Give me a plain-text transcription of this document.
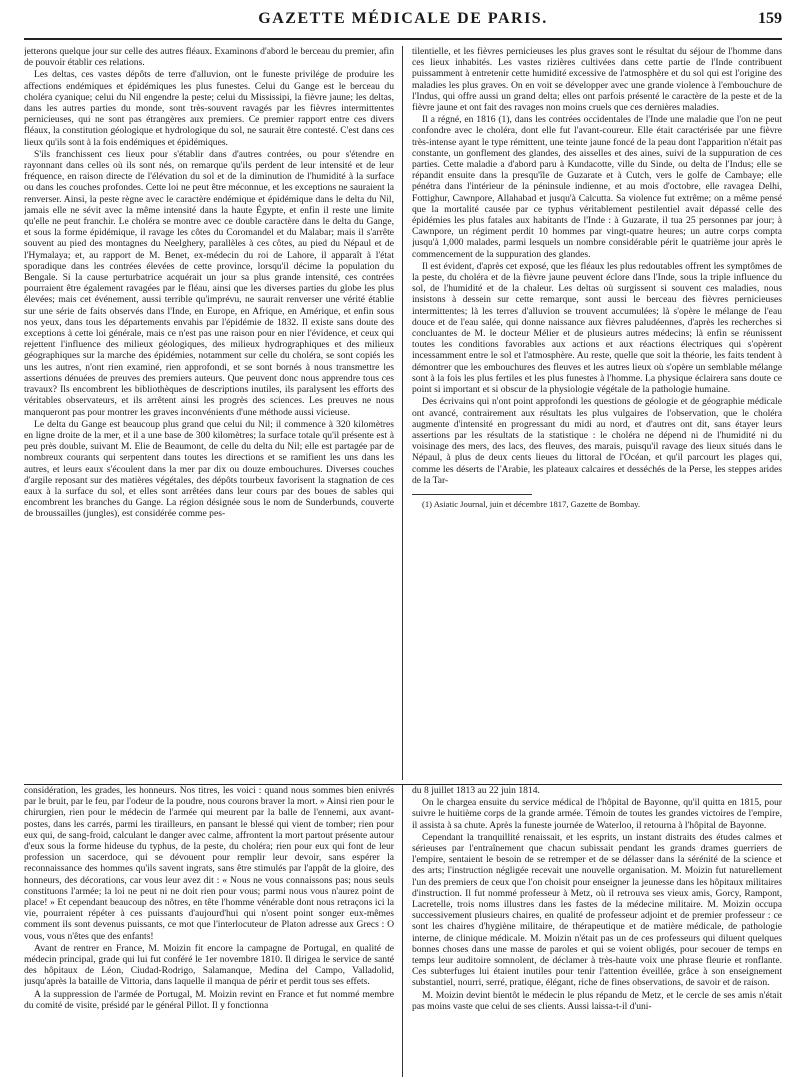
GAZETTE MÉDICALE DE PARIS.	159

jetterons quelque jour sur celle des autres fléaux. Examinons d'abord le berceau du premier, afin de pouvoir établir ces relations.

Les deltas, ces vastes dépôts de terre d'alluvion, ont le funeste privilége de produire les affections endémiques et épidémiques les plus funestes. Celui du Gange est le berceau du choléra cyanique; celui du Nil engendre la peste; celui du Mississipi, la fièvre jaune; les deltas, dans les autres parties du monde, sont très-souvent ravagés par les fièvres intermittentes pernicieuses, qui ne sont pas étrangères aux premiers. Ce premier rapport entre ces divers fléaux, la constitution géologique et hydrologique du sol, ne saurait être contesté. C'est dans ces lieux qu'ils sont à la fois endémiques et épidémiques.

S'ils franchissent ces lieux pour s'établir dans d'autres contrées, ou pour s'étendre en rayonnant dans celles où ils sont nés, on remarque qu'ils perdent de leur intensité et de leur fréquence, en raison directe de l'élévation du sol et de la diminution de l'humidité à la surface ou dans les couches profondes. Cette loi ne peut être méconnue, et les exceptions ne sauraient la renverser. Ainsi, la peste règne avec le caractère endémique et épidémique dans le delta du Nil, jamais elle ne sévit avec la même intensité dans la haute Égypte, et enfin il reste une limite qu'elle ne peut franchir. Le choléra se montre avec ce double caractère dans le delta du Gange, et sous la forme épidémique, il ravage les côtes du Coromandel et du Malabar; mais il s'arrête souvent au pied des montagnes du Neelghery, parallèles à ces côtes, au pied du Népaul et de l'Hymalaya; et, au rapport de M. Benet, ex-médecin du roi de Lahore, il apparaît à l'état sporadique dans les contrées élevées de cette province, lorsqu'il décime la population du Bengale. Si la cause perturbatrice acquérait un jour sa plus grande intensité, ces contrées pourraient être également ravagées par le fléau, ainsi que les diverses parties du globe les plus élevées; mais cet événement, aussi terrible qu'imprévu, ne saurait renverser une vérité établie sur une série de faits observés dans l'Inde, en Europe, en Afrique, en Amérique, et enfin sous nos yeux, dans tous les départements envahis par l'épidémie de 1832. Il existe sans doute des exceptions à cette loi générale, mais ce n'est pas une raison pour en nier l'évidence, et ceux qui rejettent l'influence des milieux géologiques, des milieux hydrographiques et des milieux géographiques sur la marche des épidémies, notamment sur celle du choléra, se sont copiés les uns les autres, n'ont rien examiné, rien approfondi, et se sont bornés à nous transmettre les assertions dénuées de preuves des premiers auteurs. Que peuvent donc nous apprendre tous ces travaux? Ils encombrent les bibliothèques de descriptions inutiles, ils paralysent les efforts des véritables observateurs, et ils arrêtent ainsi les progrès des sciences. Les preuves ne nous manqueront pas pour montrer les graves inconvénients d'une méthode aussi vicieuse.

Le delta du Gange est beaucoup plus grand que celui du Nil; il commence à 320 kilomètres en ligne droite de la mer, et il a une base de 300 kilomètres; la surface totale qu'il présente est à peu près double, suivant M. Elie de Beaumont, de celle du delta du Nil; elle est partagée par de nombreux courants qui serpentent dans toutes les directions et se ramifient les uns dans les autres, et leurs eaux s'écoulent dans la mer par dix ou douze embouchures. Diverses couches d'argile reposant sur des matières végétales, des dépôts tourbeux favorisent la stagnation de ces eaux à la surface du sol, et elles sont arrêtées dans leur cours par des boues de sables qui encombrent les branches du Gange. La région désignée sous le nom de Sunderbunds, couverte de broussailles (jungles), est considérée comme pes-

tilentielle, et les fièvres pernicieuses les plus graves sont le résultat du séjour de l'homme dans ces lieux inhabités. Les vastes rizières cultivées dans cette partie de l'Inde contribuent puissamment à entretenir cette humidité excessive de l'atmosphère et du sol qui est l'origine des maladies les plus graves. On en voit se développer avec une grande violence à l'embouchure de l'Indus, qui offre aussi un grand delta; elles ont parfois présenté le caractère de la peste et de la fièvre jaune et ont fait des ravages non moins cruels que ces dernières maladies.

Il a régné, en 1816 (1), dans les contrées occidentales de l'Inde une maladie que l'on ne peut confondre avec le choléra, dont elle fut l'avant-coureur. Elle était caractérisée par une fièvre très-intense ayant le type rémittent, une teinte jaune foncé de la peau dont l'apparition n'était pas constante, un gonflement des glandes, des aisselles et des aines, suivi de la suppuration de ces parties. Cette maladie a d'abord paru à Kundacotte, ville du Sinde, ou delta de l'Indus; elle se répandit ensuite dans la presqu'île de Guzarate et à Cutch, vers le golfe de Cambaye; elle pénétra dans l'intérieur de la péninsule indienne, et au mois d'octobre, elle ravagea Delhi, Fottighur, Cawnpore, Allahabad et jusqu'à Calcutta. Sa violence fut extrême; on a même pensé que la mortalité causée par ce typhus véritablement pestilentiel avait dépassé celle des épidémies les plus fatales aux habitants de l'Inde : à Guzarate, il tua 25 personnes par jour; à Cawnpore, un régiment perdit 10 hommes par vingt-quatre heures; un autre corps compta jusqu'à 1,000 malades, parmi lesquels un nombre considérable périt le quatrième jour après le commencement de la suppuration des glandes.

Il est évident, d'après cet exposé, que les fléaux les plus redoutables offrent les symptômes de la peste, du choléra et de la fièvre jaune peuvent éclore dans l'Inde, sous la triple influence du sol, de l'humidité et de la chaleur. Les deltas où surgissent si souvent ces maladies, nous insistons à dessein sur cette remarque, sont aussi le berceau des fièvres pernicieuses intermittentes; là les terres d'alluvion se trouvent accumulées; là s'opère le mélange de l'eau douce et de l'eau salée, qui donne naissance aux fièvres paludéennes, d'après les recherches si concluantes de M. le docteur Mélier et de plusieurs autres médecins; là enfin se réunissent toutes les conditions favorables aux actions et aux réactions électriques qui s'opèrent incessamment entre le sol et l'atmosphère. Au reste, quelle que soit la théorie, les faits tendent à démontrer que les embouchures des fleuves et les autres lieux où s'opère un semblable mélange sont à la fois les plus fertiles et les plus funestes à l'homme. La physique éclairera sans doute ce point si important et si obscur de la physiologie végétale de la pathologie humaine.

Des écrivains qui n'ont point approfondi les questions de géologie et de géographie médicale ont avancé, contrairement aux résultats les plus vulgaires de l'observation, que le choléra augmente d'intensité en progressant du midi au nord, et d'autres ont dit, sans étayer leurs assertions par les résultats de la statistique : le choléra ne dépend ni de l'humidité ni du voisinage des mers, des lacs, des fleuves, des marais, puisqu'il ravage des lieux situés dans le Népaul, à plus de deux cents lieues du littoral de l'Océan, et qu'il parcourt les plages qui, comme les déserts de l'Arabie, les plateaux calcaires et desséchés de la Perse, les steppes arides de la Tar-

(1) Asiatic Journal, juin et décembre 1817, Gazette de Bombay.

considération, les grades, les honneurs. Nos titres, les voici : quand nous sommes bien enivrés par le bruit, par le feu, par l'odeur de la poudre, nous courons braver la mort. » Ainsi rien pour le chirurgien, rien pour le médecin de l'armée qui meurent par la balle de l'ennemi, aux avant-postes, dans les carrés, parmi les tirailleurs, en pansant le blessé qui vient de tomber; rien pour eux qui, de sang-froid, calculant le danger avec calme, affrontent la mort partout présente autour d'eux sous la forme hideuse du typhus, de la peste, du choléra; rien pour eux qui font de leur profession un sacerdoce, qui se dévouent pour remplir leur devoir, sans espérer la reconnaissance des hommes qu'ils savent ingrats, sans être stimulés par l'appât de la gloire, des honneurs, des décorations, car vous leur avez dit : « Nous ne vous connaissons pas; nous seuls constituons l'armée; la loi ne peut ni ne doit rien pour vous; parmi nous vous n'aurez point de place! » Et cependant beaucoup des nôtres, en tête l'homme vénérable dont nous retraçons ici la vie, pourraient répéter à ces puissants d'aujourd'hui qui n'osent point songer eux-mêmes comment ils sont devenus puissants, ce mot que l'interlocuteur de Platon adresse aux Grecs : O vous, vous n'êtes que des enfants!

Avant de rentrer en France, M. Moizin fit encore la campagne de Portugal, en qualité de médecin principal, grade qui lui fut conféré le 1er novembre 1810. Il dirigea le service de santé des hôpitaux de Léon, Ciudad-Rodrigo, Salamanque, Medina del Campo, Valladolid, jusqu'après la bataille de Vittoria, dans laquelle il manqua de périr et perdit tous ses effets.

A la suppression de l'armée de Portugal, M. Moizin revint en France et fut nommé membre du comité de visite, présidé par le général Pillot. Il y fonctionna

du 8 juillet 1813 au 22 juin 1814.

On le chargea ensuite du service médical de l'hôpital de Bayonne, qu'il quitta en 1815, pour suivre le huitième corps de la grande armée. Témoin de toutes les grandes victoires de l'empire, il assista à sa chute. Après la funeste journée de Waterloo, il retourna à l'hôpital de Bayonne.

Cependant la tranquillité renaissait, et les esprits, un instant distraits des études calmes et sérieuses par l'entraînement que chacun subissait pendant les grands drames guerriers de l'empire, sentaient le besoin de se retremper et de se délasser dans la sérénité de la science et des arts; l'instruction négligée recevait une nouvelle organisation. M. Moizin fut naturellement l'un des premiers de ceux que l'on choisit pour enseigner la jeunesse dans les hôpitaux militaires d'instruction. Il fut nommé professeur à Metz, où il retrouva ses vieux amis, Gorcy, Rampont, Lacretelle, trois noms illustres dans les fastes de la médecine militaire. M. Moizin occupa successivement plusieurs chaires, en qualité de professeur adjoint et de premier professeur : ce sont les chaires d'hygiène militaire, de thérapeutique et de matière médicale, de pathologie interne, de clinique médicale. M. Moizin n'était pas un de ces professeurs qui diluent quelques bonnes choses dans une masse de paroles et qui se voient obligés, pour secouer de temps en temps leur auditoire somnolent, de déclamer à très-haute voix une phrase fleurie et ronflante. Ces subterfuges lui étaient inutiles pour tenir l'attention éveillée, grâce à son enseignement substantiel, nourri, serré, pratique, élégant, riche de fines observations, de savoir et de raison.

M. Moizin devint bientôt le médecin le plus répandu de Metz, et le cercle de ses amis n'était pas moins vaste que celui de ses clients. Aussi laissa-t-il d'uni-
